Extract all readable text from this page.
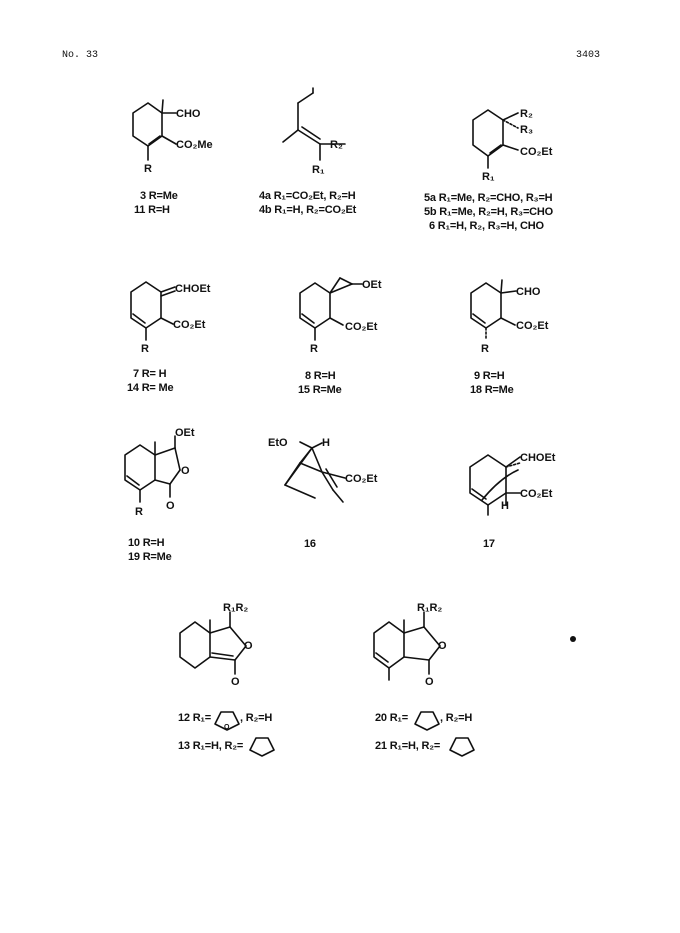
No. 33	3403
CHO
CO₂Me
R
R₂
R₁
R₂
R₃
CO₂Et
R₁
CHOEt
CO₂Et
R
OEt
CO₂Et
R
CHO
CO₂Et
R
OEt
O
O
R
EtO	H
CO₂Et
CHOEt
CO₂Et
H
R₁R₂
O
O
R₁R₂
O
O
O
3 R=Me
11 R=H
4a R₁=CO₂Et, R₂=H
4b R₁=H, R₂=CO₂Et
5a R₁=Me, R₂=CHO, R₃=H
5b R₁=Me, R₂=H, R₃=CHO
6 R₁=H, R₂, R₃=H, CHO
7 R= H
14 R= Me
8 R=H
15 R=Me
9 R=H
18 R=Me
10 R=H
19 R=Me
16	17
12 R₁=	, R₂=H
13 R₁=H, R₂=
20 R₁=	, R₂=H
21 R₁=H, R₂=
